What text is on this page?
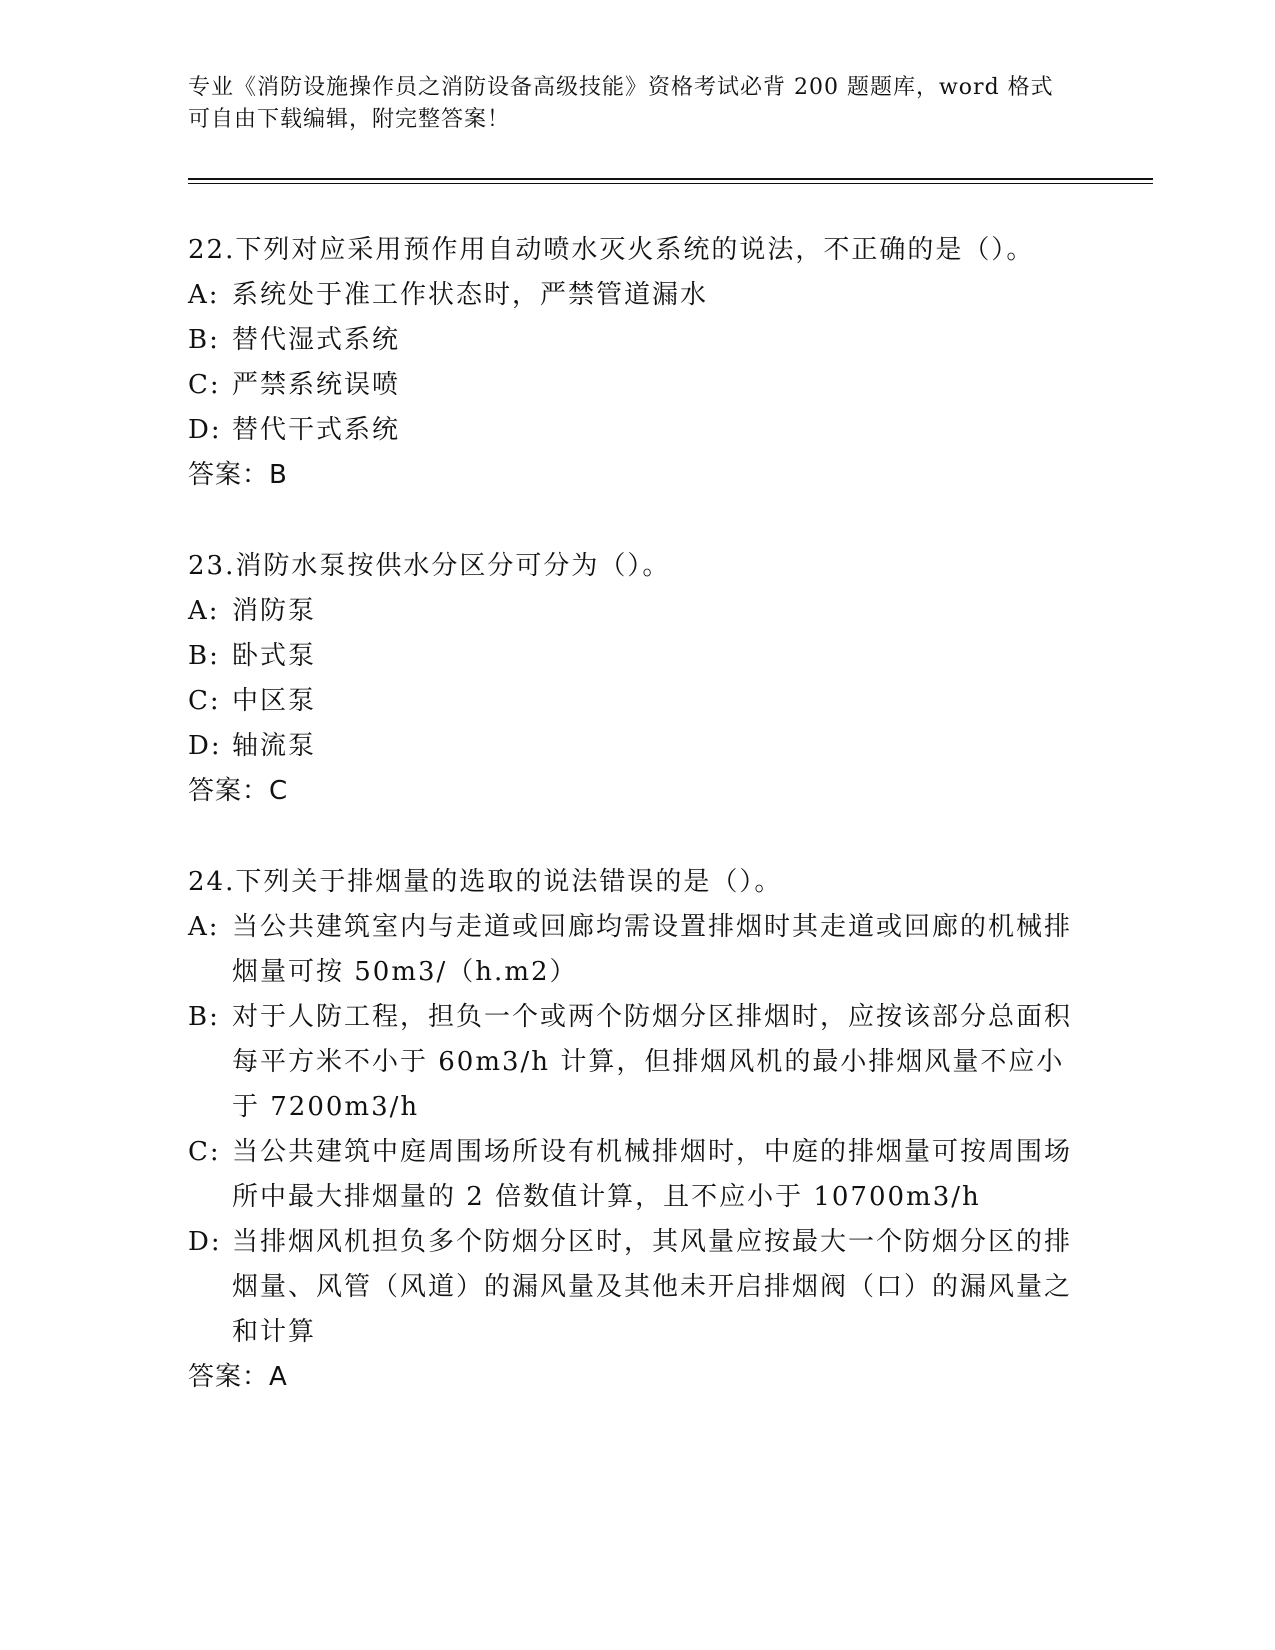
专业《消防设施操作员之消防设备高级技能》资格考试必背 200 题题库，word 格式可自由下载编辑，附完整答案！

22.下列对应采用预作用自动喷水灭火系统的说法，不正确的是（）。

A: 系统处于准工作状态时，严禁管道漏水
B: 替代湿式系统
C: 严禁系统误喷
D: 替代干式系统
答案：B

23.消防水泵按供水分区分可分为（）。

A: 消防泵
B: 卧式泵
C: 中区泵
D: 轴流泵
答案：C

24.下列关于排烟量的选取的说法错误的是（）。

A: 当公共建筑室内与走道或回廊均需设置排烟时其走道或回廊的机械排烟量可按 50m3/（h.m2）
B: 对于人防工程，担负一个或两个防烟分区排烟时，应按该部分总面积每平方米不小于 60m3/h 计算，但排烟风机的最小排烟风量不应小于 7200m3/h
C: 当公共建筑中庭周围场所设有机械排烟时，中庭的排烟量可按周围场所中最大排烟量的 2 倍数值计算，且不应小于 10700m3/h
D: 当排烟风机担负多个防烟分区时，其风量应按最大一个防烟分区的排烟量、风管（风道）的漏风量及其他未开启排烟阀（口）的漏风量之和计算
答案：A
